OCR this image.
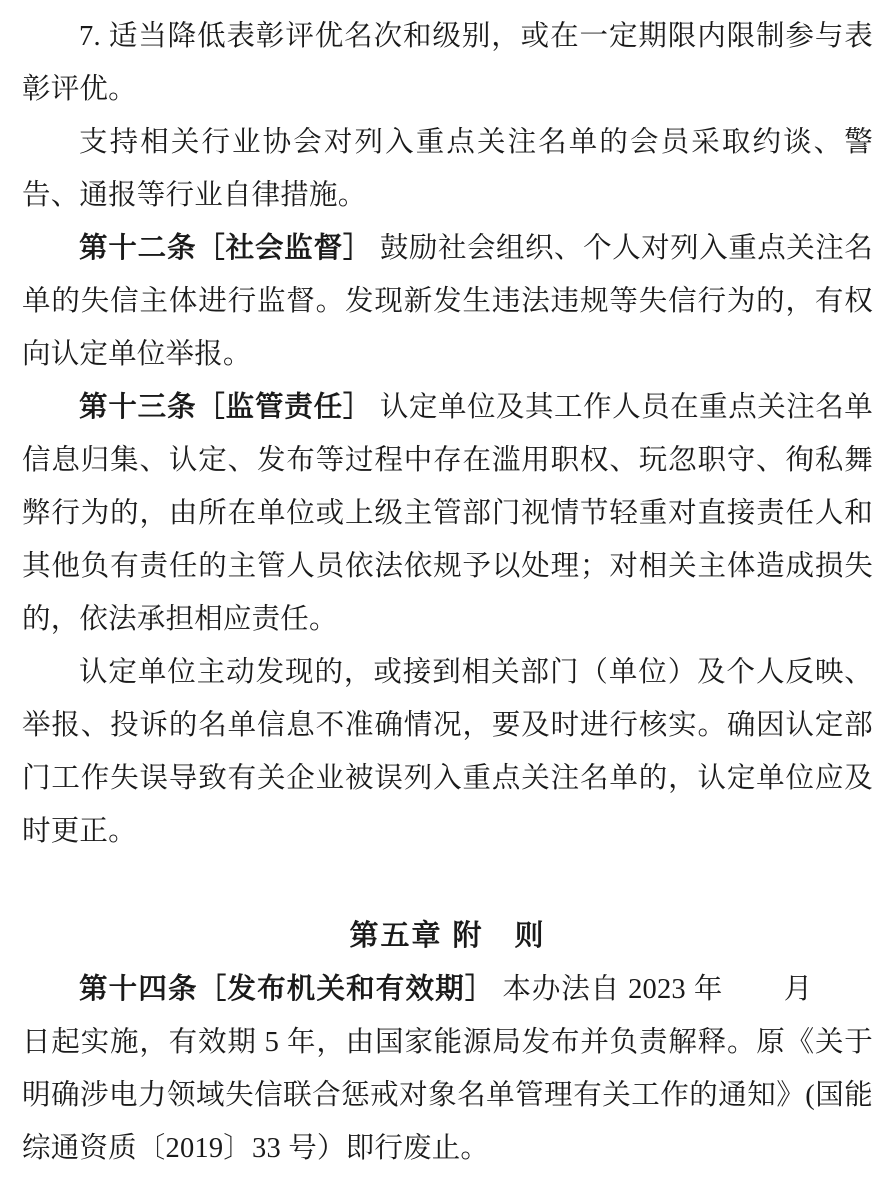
7. 适当降低表彰评优名次和级别，或在一定期限内限制参与表彰评优。

支持相关行业协会对列入重点关注名单的会员采取约谈、警告、通报等行业自律措施。

第十二条［社会监督］ 鼓励社会组织、个人对列入重点关注名单的失信主体进行监督。发现新发生违法违规等失信行为的，有权向认定单位举报。

第十三条［监管责任］ 认定单位及其工作人员在重点关注名单信息归集、认定、发布等过程中存在滥用职权、玩忽职守、徇私舞弊行为的，由所在单位或上级主管部门视情节轻重对直接责任人和其他负有责任的主管人员依法依规予以处理；对相关主体造成损失的，依法承担相应责任。

认定单位主动发现的，或接到相关部门（单位）及个人反映、举报、投诉的名单信息不准确情况，要及时进行核实。确因认定部门工作失误导致有关企业被误列入重点关注名单的，认定单位应及时更正。

第五章 附　则

第十四条［发布机关和有效期］ 本办法自 2023 年 月日起实施，有效期 5 年，由国家能源局发布并负责解释。原《关于明确涉电力领域失信联合惩戒对象名单管理有关工作的通知》(国能综通资质〔2019〕33 号）即行废止。
